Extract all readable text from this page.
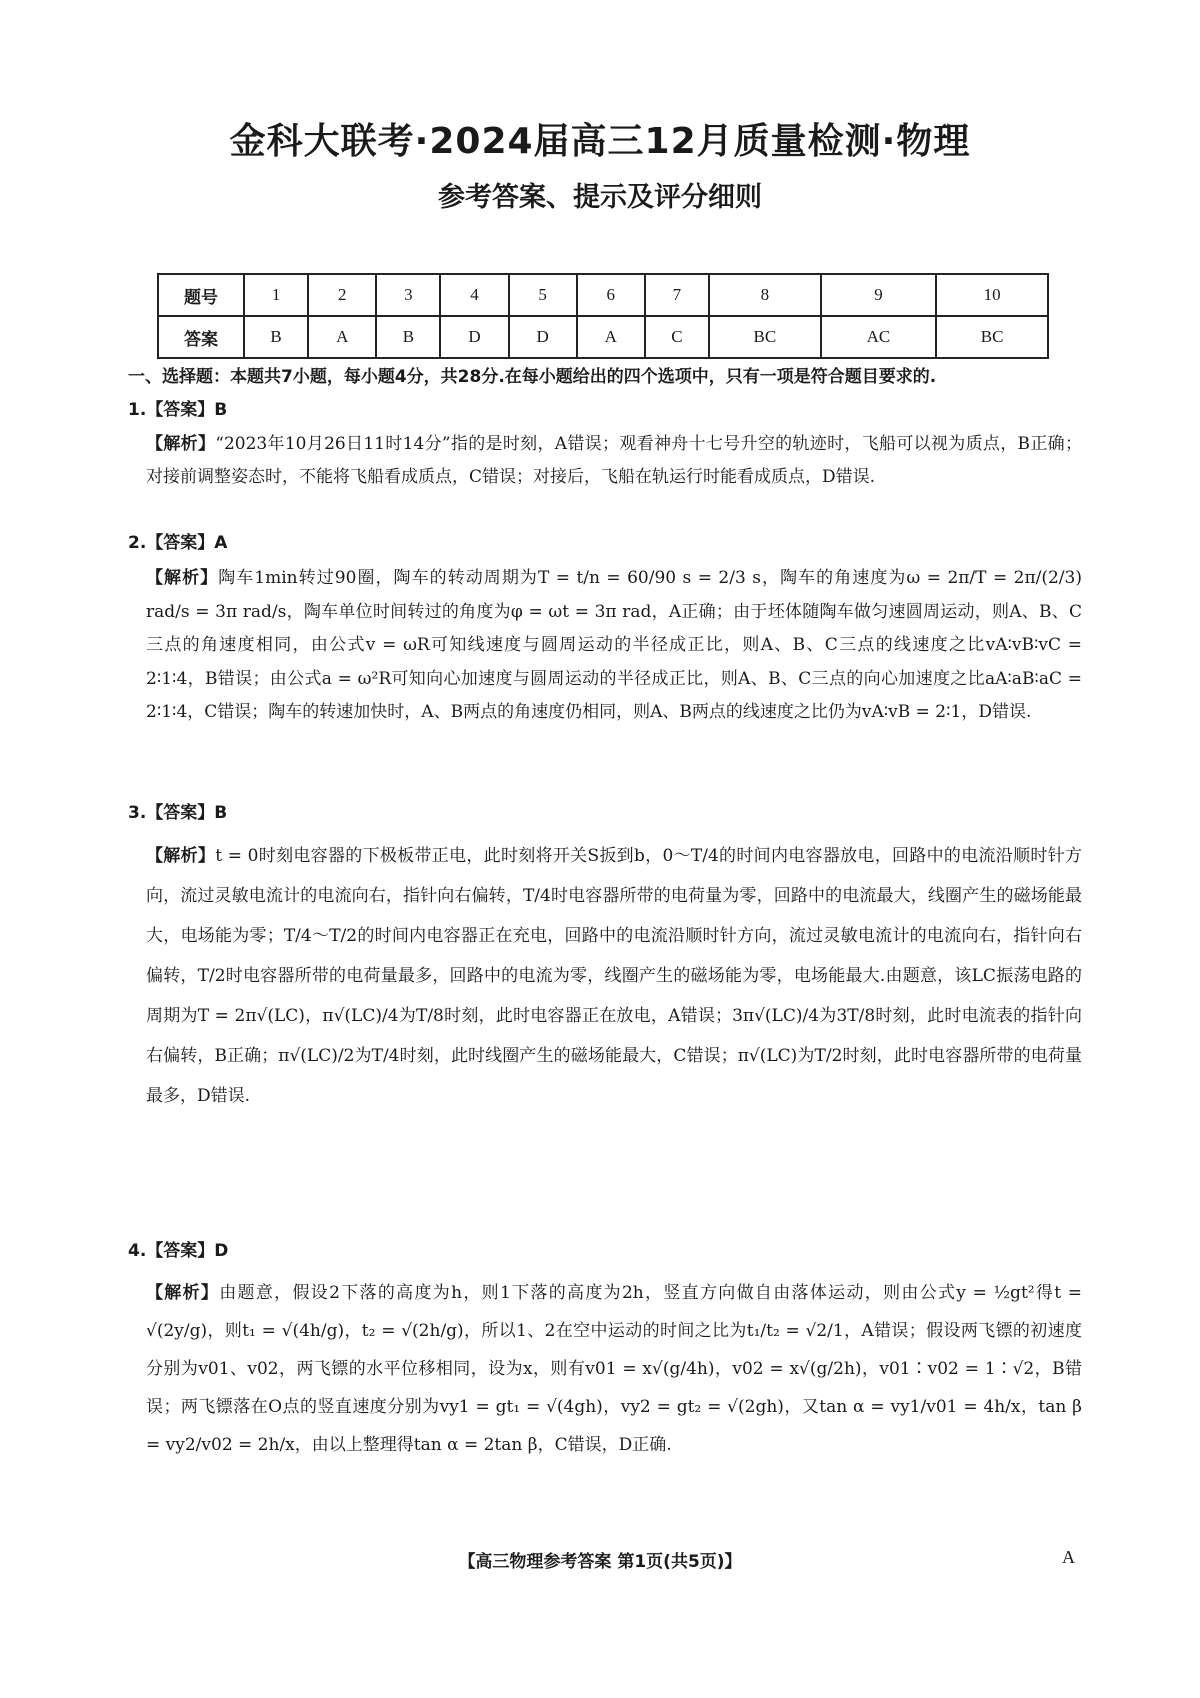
金科大联考·2024届高三12月质量检测·物理
参考答案、提示及评分细则
题号	1	2	3	4	5	6	7	8	9	10
答案	B	A	B	D	D	A	C	BC	AC	BC
一、选择题：本题共7小题，每小题4分，共28分.在每小题给出的四个选项中，只有一项是符合题目要求的.
1.【答案】B
【解析】“2023年10月26日11时14分”指的是时刻，A错误；观看神舟十七号升空的轨迹时，飞船可以视为质点，B正确；对接前调整姿态时，不能将飞船看成质点，C错误；对接后，飞船在轨运行时能看成质点，D错误.
2.【答案】A
【解析】陶车1min转过90圈，陶车的转动周期为T = t/n = 60/90 s = 2/3 s，陶车的角速度为ω = 2π/T = 2π/(2/3) rad/s = 3π rad/s，陶车单位时间转过的角度为φ = ωt = 3π rad，A正确；由于坯体随陶车做匀速圆周运动，则A、B、C三点的角速度相同，由公式v = ωR可知线速度与圆周运动的半径成正比，则A、B、C三点的线速度之比vA∶vB∶vC = 2∶1∶4，B错误；由公式a = ω²R可知向心加速度与圆周运动的半径成正比，则A、B、C三点的向心加速度之比aA∶aB∶aC = 2∶1∶4，C错误；陶车的转速加快时，A、B两点的角速度仍相同，则A、B两点的线速度之比仍为vA∶vB = 2∶1，D错误.
3.【答案】B
【解析】t = 0时刻电容器的下极板带正电，此时刻将开关S扳到b，0～T/4的时间内电容器放电，回路中的电流沿顺时针方向，流过灵敏电流计的电流向右，指针向右偏转，T/4时电容器所带的电荷量为零，回路中的电流最大，线圈产生的磁场能最大，电场能为零；T/4～T/2的时间内电容器正在充电，回路中的电流沿顺时针方向，流过灵敏电流计的电流向右，指针向右偏转，T/2时电容器所带的电荷量最多，回路中的电流为零，线圈产生的磁场能为零，电场能最大.由题意，该LC振荡电路的周期为T = 2π√(LC)，π√(LC)/4为T/8时刻，此时电容器正在放电，A错误；3π√(LC)/4为3T/8时刻，此时电流表的指针向右偏转，B正确；π√(LC)/2为T/4时刻，此时线圈产生的磁场能最大，C错误；π√(LC)为T/2时刻，此时电容器所带的电荷量最多，D错误.
4.【答案】D
【解析】由题意，假设2下落的高度为h，则1下落的高度为2h，竖直方向做自由落体运动，则由公式y = ½gt²得t = √(2y/g)，则t₁ = √(4h/g)，t₂ = √(2h/g)，所以1、2在空中运动的时间之比为t₁/t₂ = √2/1，A错误；假设两飞镖的初速度分别为v01、v02，两飞镖的水平位移相同，设为x，则有v01 = x√(g/4h)，v02 = x√(g/2h)，v01∶v02 = 1∶√2，B错误；两飞镖落在O点的竖直速度分别为vy1 = gt₁ = √(4gh)，vy2 = gt₂ = √(2gh)，又tan α = vy1/v01 = 4h/x，tan β = vy2/v02 = 2h/x，由以上整理得tan α = 2tan β，C错误，D正确.
【高三物理参考答案 第1页(共5页)】	A
